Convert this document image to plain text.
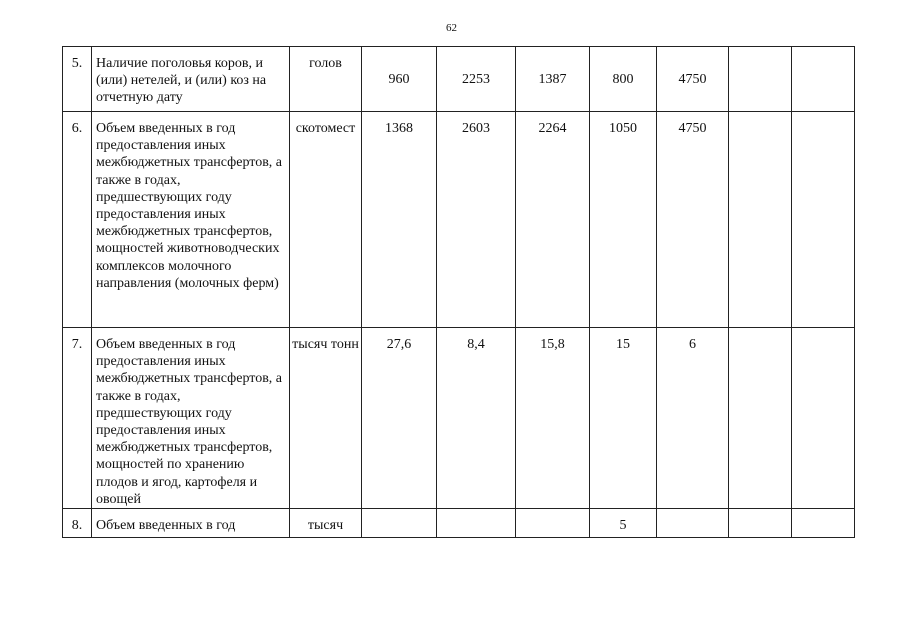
62
5.	Наличие поголовья коров, и (или) нетелей, и (или) коз на отчетную дату	голов	960	2253	1387	800	4750		
6.	Объем введенных в год предоставления иных межбюджетных трансфертов, а также в годах, предшествующих году предоставления иных межбюджетных трансфертов, мощностей животноводческих комплексов молочного направления (молочных ферм)	скотомест	1368	2603	2264	1050	4750		
7.	Объем введенных в год предоставления иных межбюджетных трансфертов, а также в годах, предшествующих году предоставления иных межбюджетных трансфертов, мощностей по хранению плодов и ягод, картофеля и овощей	тысяч тонн	27,6	8,4	15,8	15	6		
8.	Объем введенных в год	тысяч				5			
